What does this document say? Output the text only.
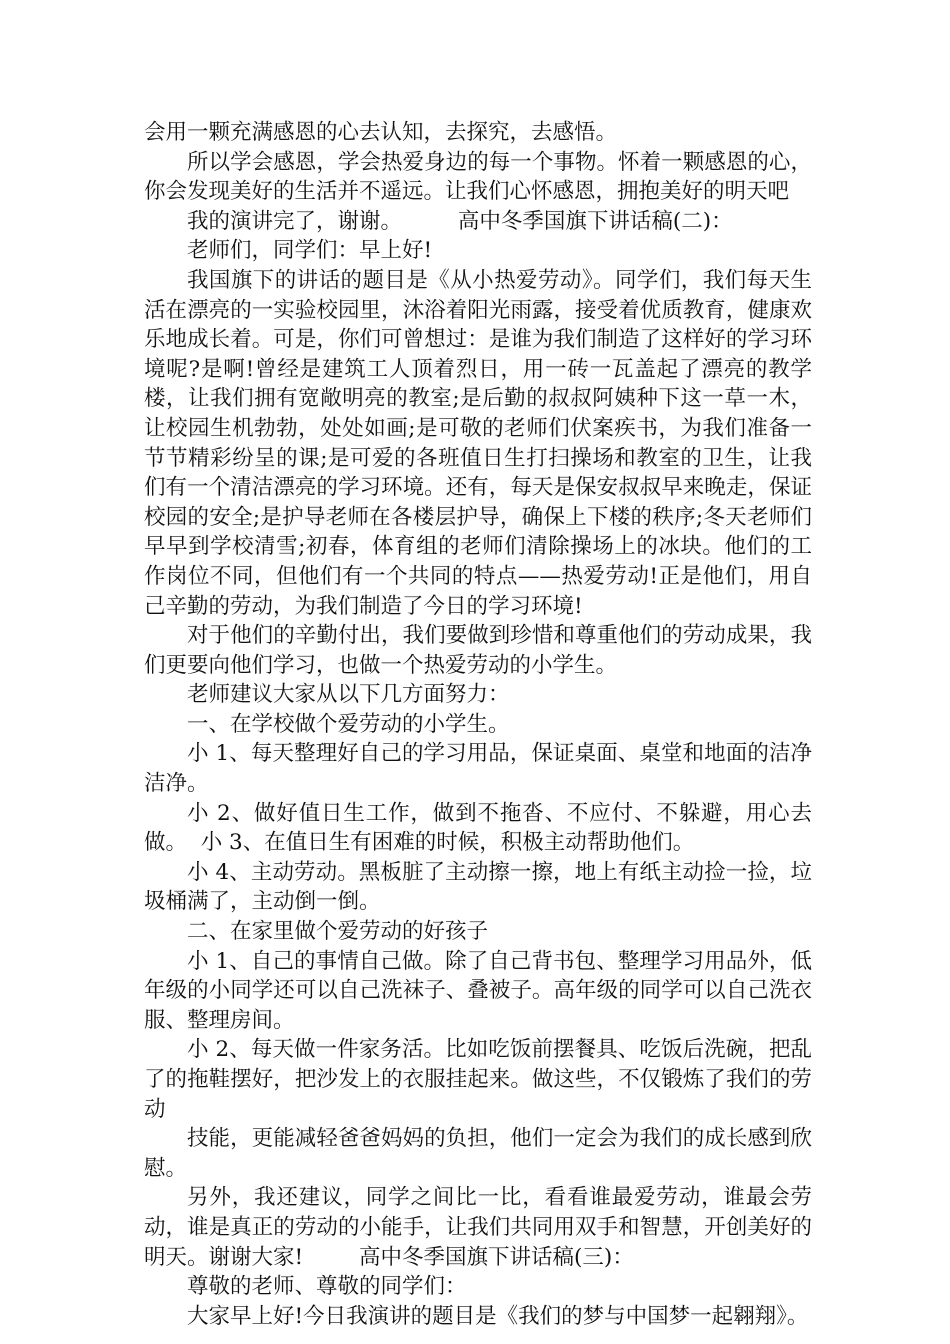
会用一颗充满感恩的心去认知，去探究，去感悟。

所以学会感恩，学会热爱身边的每一个事物。怀着一颗感恩的心，你会发现美好的生活并不遥远。让我们心怀感恩，拥抱美好的明天吧

我的演讲完了，谢谢。	高中冬季国旗下讲话稿(二)：

老师们，同学们：早上好!

我国旗下的讲话的题目是《从小热爱劳动》。同学们，我们每天生活在漂亮的一实验校园里，沐浴着阳光雨露，接受着优质教育，健康欢乐地成长着。可是，你们可曾想过：是谁为我们制造了这样好的学习环境呢?是啊!曾经是建筑工人顶着烈日，用一砖一瓦盖起了漂亮的教学楼，让我们拥有宽敞明亮的教室;是后勤的叔叔阿姨种下这一草一木，让校园生机勃勃，处处如画;是可敬的老师们伏案疾书，为我们准备一节节精彩纷呈的课;是可爱的各班值日生打扫操场和教室的卫生，让我们有一个清洁漂亮的学习环境。还有，每天是保安叔叔早来晚走，保证校园的安全;是护导老师在各楼层护导，确保上下楼的秩序;冬天老师们早早到学校清雪;初春，体育组的老师们清除操场上的冰块。他们的工作岗位不同，但他们有一个共同的特点——热爱劳动!正是他们，用自己辛勤的劳动，为我们制造了今日的学习环境!

对于他们的辛勤付出，我们要做到珍惜和尊重他们的劳动成果，我们更要向他们学习，也做一个热爱劳动的小学生。

老师建议大家从以下几方面努力：

一、在学校做个爱劳动的小学生。

小 1、每天整理好自己的学习用品，保证桌面、桌堂和地面的洁净洁净。

小 2、做好值日生工作，做到不拖沓、不应付、不躲避，用心去做。 小 3、在值日生有困难的时候，积极主动帮助他们。

小 4、主动劳动。黑板脏了主动擦一擦，地上有纸主动捡一捡，垃圾桶满了，主动倒一倒。

二、在家里做个爱劳动的好孩子

小 1、自己的事情自己做。除了自己背书包、整理学习用品外，低年级的小同学还可以自己洗袜子、叠被子。高年级的同学可以自己洗衣服、整理房间。

小 2、每天做一件家务活。比如吃饭前摆餐具、吃饭后洗碗，把乱了的拖鞋摆好，把沙发上的衣服挂起来。做这些，不仅锻炼了我们的劳动

技能，更能减轻爸爸妈妈的负担，他们一定会为我们的成长感到欣慰。

另外，我还建议，同学之间比一比，看看谁最爱劳动，谁最会劳动，谁是真正的劳动的小能手，让我们共同用双手和智慧，开创美好的明天。谢谢大家!	高中冬季国旗下讲话稿(三)：

尊敬的老师、尊敬的同学们：

大家早上好!今日我演讲的题目是《我们的梦与中国梦一起翱翔》。
